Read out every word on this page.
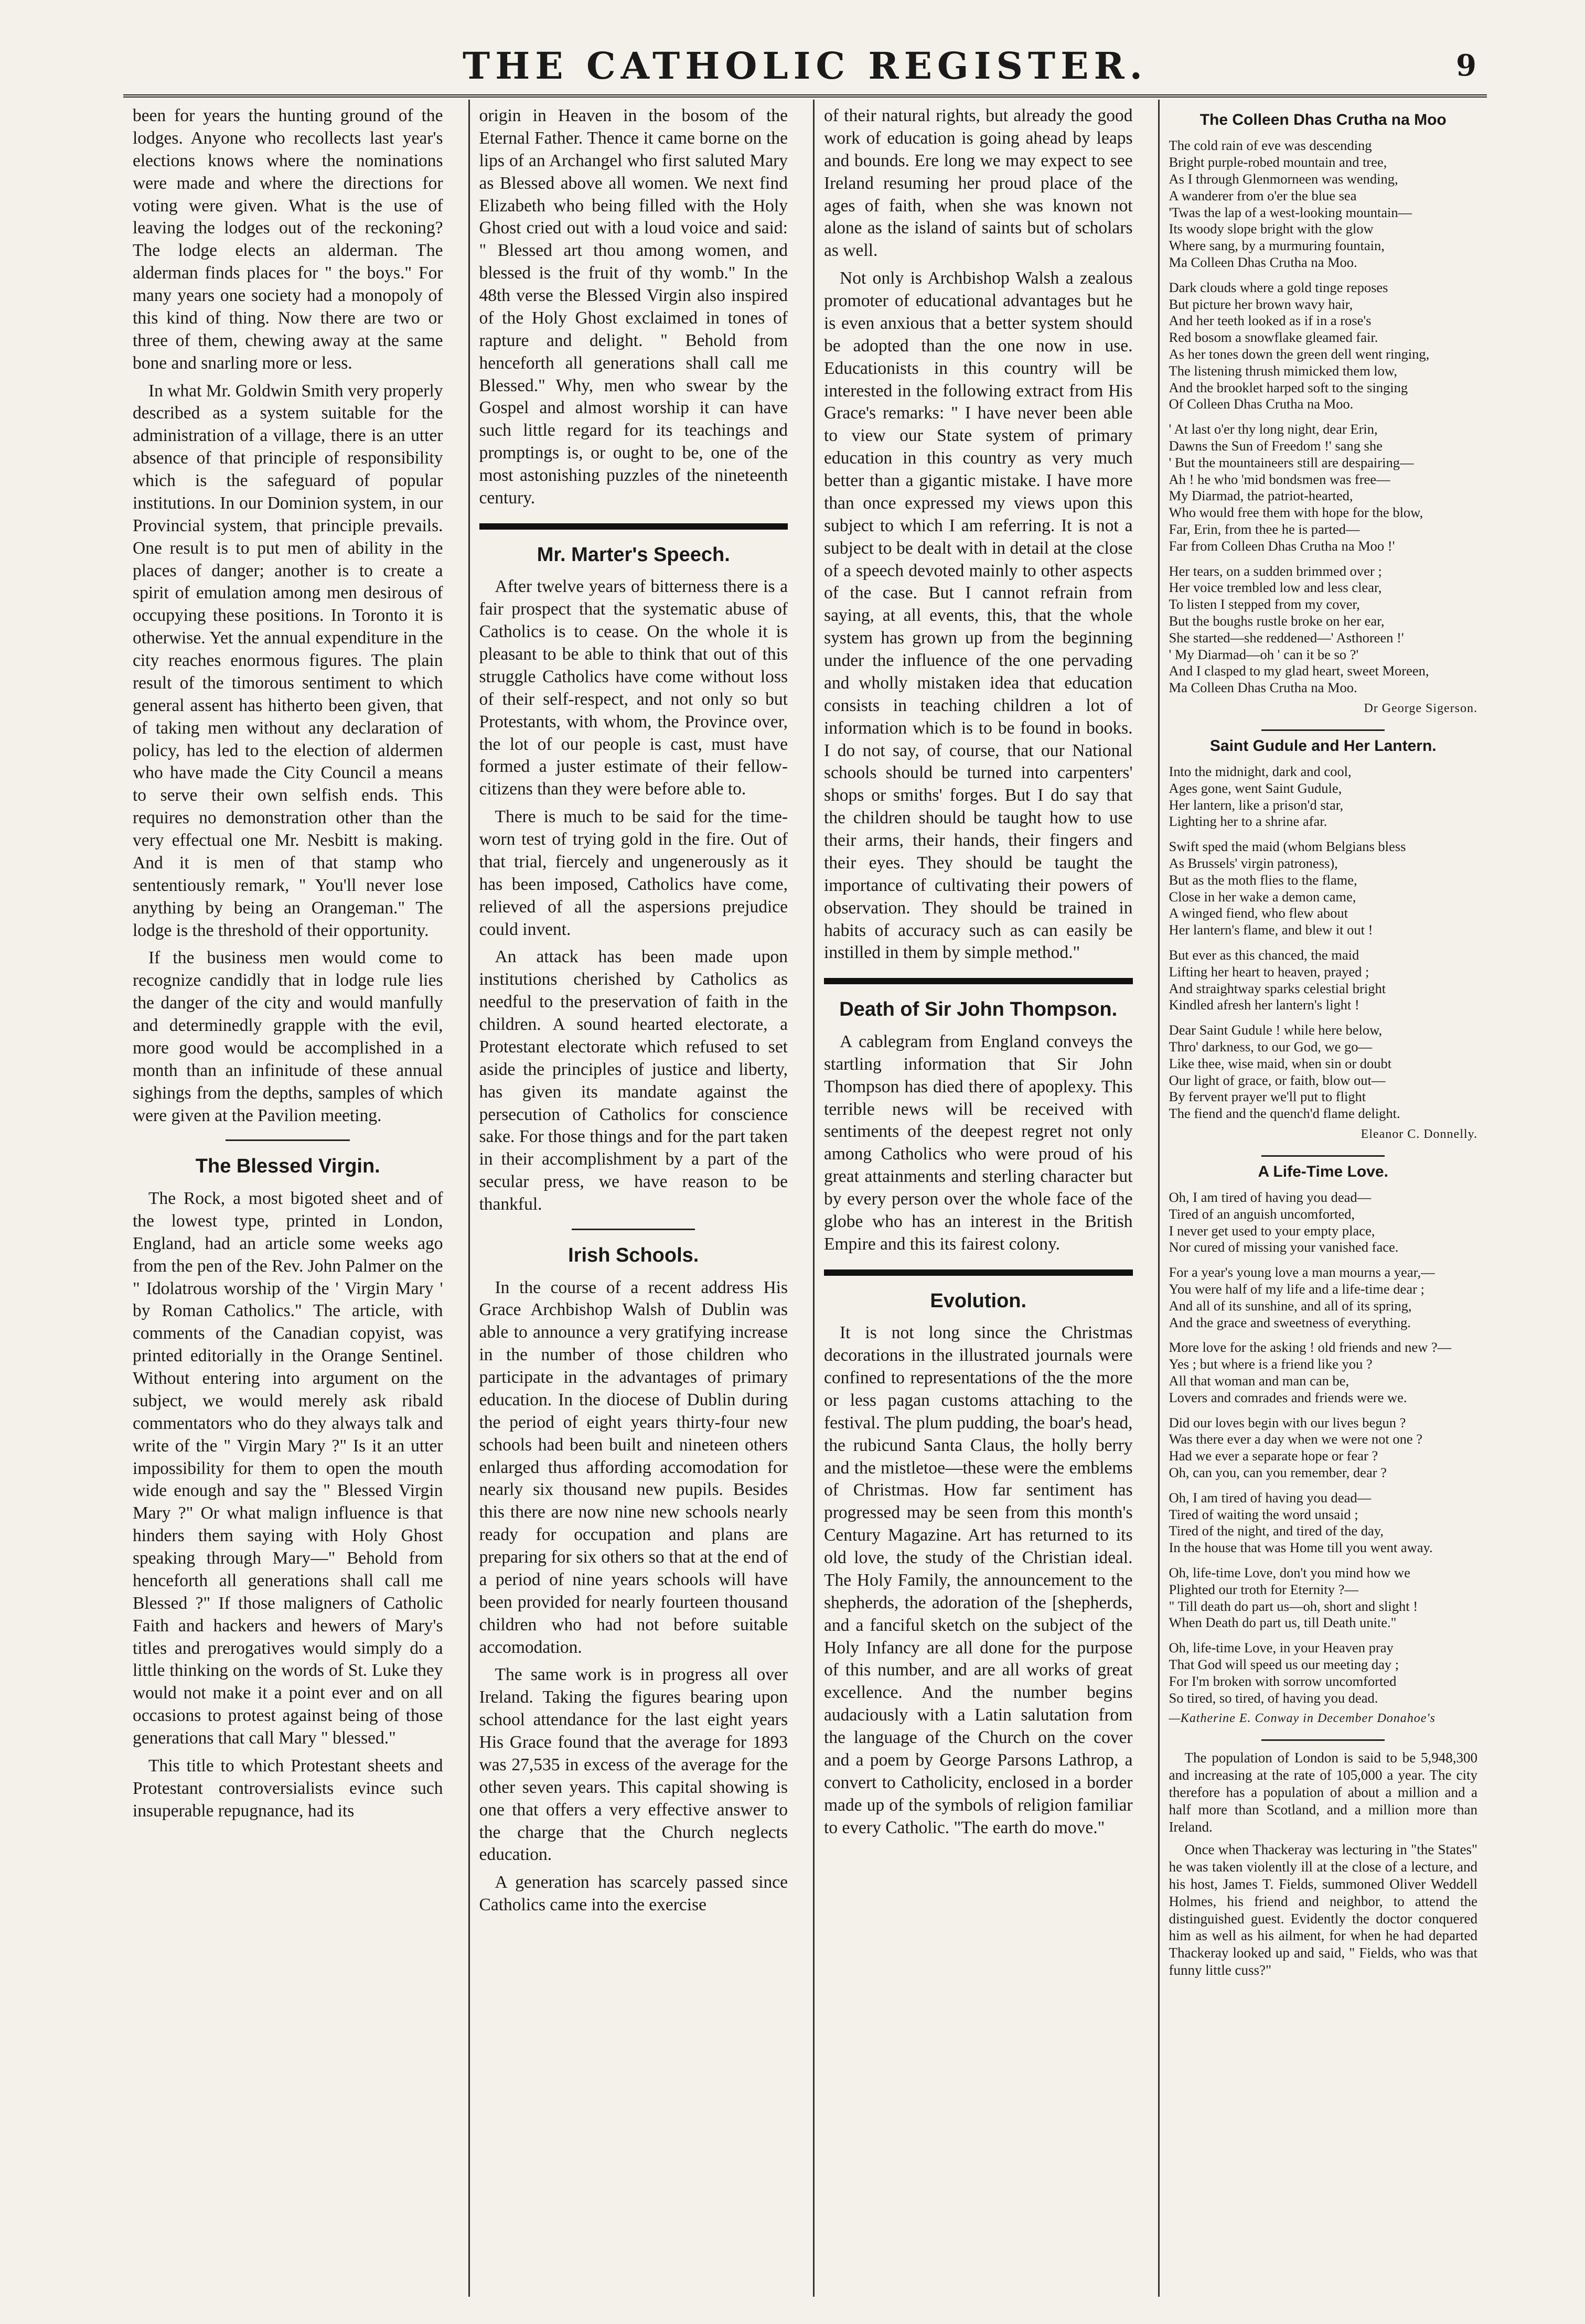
THE CATHOLIC REGISTER.	9

been for years the hunting ground of the lodges. Anyone who recollects last year's elections knows where the nominations were made and where the directions for voting were given. What is the use of leaving the lodges out of the reckoning? The lodge elects an alderman. The alderman finds places for " the boys." For many years one society had a monopoly of this kind of thing. Now there are two or three of them, chewing away at the same bone and snarling more or less.

In what Mr. Goldwin Smith very properly described as a system suitable for the administration of a village, there is an utter absence of that principle of responsibility which is the safeguard of popular institutions. In our Dominion system, in our Provincial system, that principle prevails. One result is to put men of ability in the places of danger; another is to create a spirit of emulation among men desirous of occupying these positions. In Toronto it is otherwise. Yet the annual expenditure in the city reaches enormous figures. The plain result of the timorous sentiment to which general assent has hitherto been given, that of taking men without any declaration of policy, has led to the election of aldermen who have made the City Council a means to serve their own selfish ends. This requires no demonstration other than the very effectual one Mr. Nesbitt is making. And it is men of that stamp who sententiously remark, " You'll never lose anything by being an Orangeman." The lodge is the threshold of their opportunity.

If the business men would come to recognize candidly that in lodge rule lies the danger of the city and would manfully and determinedly grapple with the evil, more good would be accomplished in a month than an infinitude of these annual sighings from the depths, samples of which were given at the Pavilion meeting.

The Blessed Virgin.

The Rock, a most bigoted sheet and of the lowest type, printed in London, England, had an article some weeks ago from the pen of the Rev. John Palmer on the " Idolatrous worship of the ' Virgin Mary ' by Roman Catholics." The article, with comments of the Canadian copyist, was printed editorially in the Orange Sentinel. Without entering into argument on the subject, we would merely ask ribald commentators who do they always talk and write of the " Virgin Mary ?" Is it an utter impossibility for them to open the mouth wide enough and say the " Blessed Virgin Mary ?" Or what malign influence is that hinders them saying with Holy Ghost speaking through Mary—" Behold from henceforth all generations shall call me Blessed ?" If those maligners of Catholic Faith and hackers and hewers of Mary's titles and prerogatives would simply do a little thinking on the words of St. Luke they would not make it a point ever and on all occasions to protest against being of those generations that call Mary " blessed."

This title to which Protestant sheets and Protestant controversialists evince such insuperable repugnance, had its

origin in Heaven in the bosom of the Eternal Father. Thence it came borne on the lips of an Archangel who first saluted Mary as Blessed above all women. We next find Elizabeth who being filled with the Holy Ghost cried out with a loud voice and said: " Blessed art thou among women, and blessed is the fruit of thy womb." In the 48th verse the Blessed Virgin also inspired of the Holy Ghost exclaimed in tones of rapture and delight. " Behold from henceforth all generations shall call me Blessed." Why, men who swear by the Gospel and almost worship it can have such little regard for its teachings and promptings is, or ought to be, one of the most astonishing puzzles of the nineteenth century.

Mr. Marter's Speech.

After twelve years of bitterness there is a fair prospect that the systematic abuse of Catholics is to cease. On the whole it is pleasant to be able to think that out of this struggle Catholics have come without loss of their self-respect, and not only so but Protestants, with whom, the Province over, the lot of our people is cast, must have formed a juster estimate of their fellow-citizens than they were before able to.

There is much to be said for the time-worn test of trying gold in the fire. Out of that trial, fiercely and ungenerously as it has been imposed, Catholics have come, relieved of all the aspersions prejudice could invent.

An attack has been made upon institutions cherished by Catholics as needful to the preservation of faith in the children. A sound hearted electorate, a Protestant electorate which refused to set aside the principles of justice and liberty, has given its mandate against the persecution of Catholics for conscience sake. For those things and for the part taken in their accomplishment by a part of the secular press, we have reason to be thankful.

Irish Schools.

In the course of a recent address His Grace Archbishop Walsh of Dublin was able to announce a very gratifying increase in the number of those children who participate in the advantages of primary education. In the diocese of Dublin during the period of eight years thirty-four new schools had been built and nineteen others enlarged thus affording accomodation for nearly six thousand new pupils. Besides this there are now nine new schools nearly ready for occupation and plans are preparing for six others so that at the end of a period of nine years schools will have been provided for nearly fourteen thousand children who had not before suitable accomodation.

The same work is in progress all over Ireland. Taking the figures bearing upon school attendance for the last eight years His Grace found that the average for 1893 was 27,535 in excess of the average for the other seven years. This capital showing is one that offers a very effective answer to the charge that the Church neglects education.

A generation has scarcely passed since Catholics came into the exercise

of their natural rights, but already the good work of education is going ahead by leaps and bounds. Ere long we may expect to see Ireland resuming her proud place of the ages of faith, when she was known not alone as the island of saints but of scholars as well.

Not only is Archbishop Walsh a zealous promoter of educational advantages but he is even anxious that a better system should be adopted than the one now in use. Educationists in this country will be interested in the following extract from His Grace's remarks: " I have never been able to view our State system of primary education in this country as very much better than a gigantic mistake. I have more than once expressed my views upon this subject to which I am referring. It is not a subject to be dealt with in detail at the close of a speech devoted mainly to other aspects of the case. But I cannot refrain from saying, at all events, this, that the whole system has grown up from the beginning under the influence of the one pervading and wholly mistaken idea that education consists in teaching children a lot of information which is to be found in books. I do not say, of course, that our National schools should be turned into carpenters' shops or smiths' forges. But I do say that the children should be taught how to use their arms, their hands, their fingers and their eyes. They should be taught the importance of cultivating their powers of observation. They should be trained in habits of accuracy such as can easily be instilled in them by simple method."

Death of Sir John Thompson.

A cablegram from England conveys the startling information that Sir John Thompson has died there of apoplexy. This terrible news will be received with sentiments of the deepest regret not only among Catholics who were proud of his great attainments and sterling character but by every person over the whole face of the globe who has an interest in the British Empire and this its fairest colony.

Evolution.

It is not long since the Christmas decorations in the illustrated journals were confined to representations of the the more or less pagan customs attaching to the festival. The plum pudding, the boar's head, the rubicund Santa Claus, the holly berry and the mistletoe—these were the emblems of Christmas. How far sentiment has progressed may be seen from this month's Century Magazine. Art has returned to its old love, the study of the Christian ideal. The Holy Family, the announcement to the shepherds, the adoration of the [shepherds, and a fanciful sketch on the subject of the Holy Infancy are all done for the purpose of this number, and are all works of great excellence. And the number begins audaciously with a Latin salutation from the language of the Church on the cover and a poem by George Parsons Lathrop, a convert to Catholicity, enclosed in a border made up of the symbols of religion familiar to every Catholic. "The earth do move."

The Colleen Dhas Crutha na Moo

The cold rain of eve was descending
Bright purple-robed mountain and tree,
As I through Glenmorneen was wending,
A wanderer from o'er the blue sea
'Twas the lap of a west-looking mountain—
Its woody slope bright with the glow
Where sang, by a murmuring fountain,
Ma Colleen Dhas Crutha na Moo.

Dark clouds where a gold tinge reposes
But picture her brown wavy hair,
And her teeth looked as if in a rose's
Red bosom a snowflake gleamed fair.
As her tones down the green dell went ringing,
The listening thrush mimicked them low,
And the brooklet harped soft to the singing
Of Colleen Dhas Crutha na Moo.

' At last o'er thy long night, dear Erin,
Dawns the Sun of Freedom !' sang she
' But the mountaineers still are despairing—
Ah ! he who 'mid bondsmen was free—
My Diarmad, the patriot-hearted,
Who would free them with hope for the blow,
Far, Erin, from thee he is parted—
Far from Colleen Dhas Crutha na Moo !'

Her tears, on a sudden brimmed over ;
Her voice trembled low and less clear,
To listen I stepped from my cover,
But the boughs rustle broke on her ear,
She started—she reddened—' Asthoreen !'
' My Diarmad—oh ' can it be so ?'
And I clasped to my glad heart, sweet Moreen,
Ma Colleen Dhas Crutha na Moo.

Dr George Sigerson.
Saint Gudule and Her Lantern.

Into the midnight, dark and cool,
Ages gone, went Saint Gudule,
Her lantern, like a prison'd star,
Lighting her to a shrine afar.

Swift sped the maid (whom Belgians bless
As Brussels' virgin patroness),
But as the moth flies to the flame,
Close in her wake a demon came,
A winged fiend, who flew about
Her lantern's flame, and blew it out !

But ever as this chanced, the maid
Lifting her heart to heaven, prayed ;
And straightway sparks celestial bright
Kindled afresh her lantern's light !

Dear Saint Gudule ! while here below,
Thro' darkness, to our God, we go—
Like thee, wise maid, when sin or doubt
Our light of grace, or faith, blow out—
By fervent prayer we'll put to flight
The fiend and the quench'd flame delight.

Eleanor C. Donnelly.
A Life-Time Love.

Oh, I am tired of having you dead—
Tired of an anguish uncomforted,
I never get used to your empty place,
Nor cured of missing your vanished face.

For a year's young love a man mourns a year,—
You were half of my life and a life-time dear ;
And all of its sunshine, and all of its spring,
And the grace and sweetness of everything.

More love for the asking ! old friends and new ?—
Yes ; but where is a friend like you ?
All that woman and man can be,
Lovers and comrades and friends were we.

Did our loves begin with our lives begun ?
Was there ever a day when we were not one ?
Had we ever a separate hope or fear ?
Oh, can you, can you remember, dear ?

Oh, I am tired of having you dead—
Tired of waiting the word unsaid ;
Tired of the night, and tired of the day,
In the house that was Home till you went away.

Oh, life-time Love, don't you mind how we
Plighted our troth for Eternity ?—
" Till death do part us—oh, short and slight !
When Death do part us, till Death unite."

Oh, life-time Love, in your Heaven pray
That God will speed us our meeting day ;
For I'm broken with sorrow uncomforted
So tired, so tired, of having you dead.

—Katherine E. Conway in December Donahoe's

The population of London is said to be 5,948,300 and increasing at the rate of 105,000 a year. The city therefore has a population of about a million and a half more than Scotland, and a million more than Ireland.

Once when Thackeray was lecturing in "the States" he was taken violently ill at the close of a lecture, and his host, James T. Fields, summoned Oliver Weddell Holmes, his friend and neighbor, to attend the distinguished guest. Evidently the doctor conquered him as well as his ailment, for when he had departed Thackeray looked up and said, " Fields, who was that funny little cuss?"
